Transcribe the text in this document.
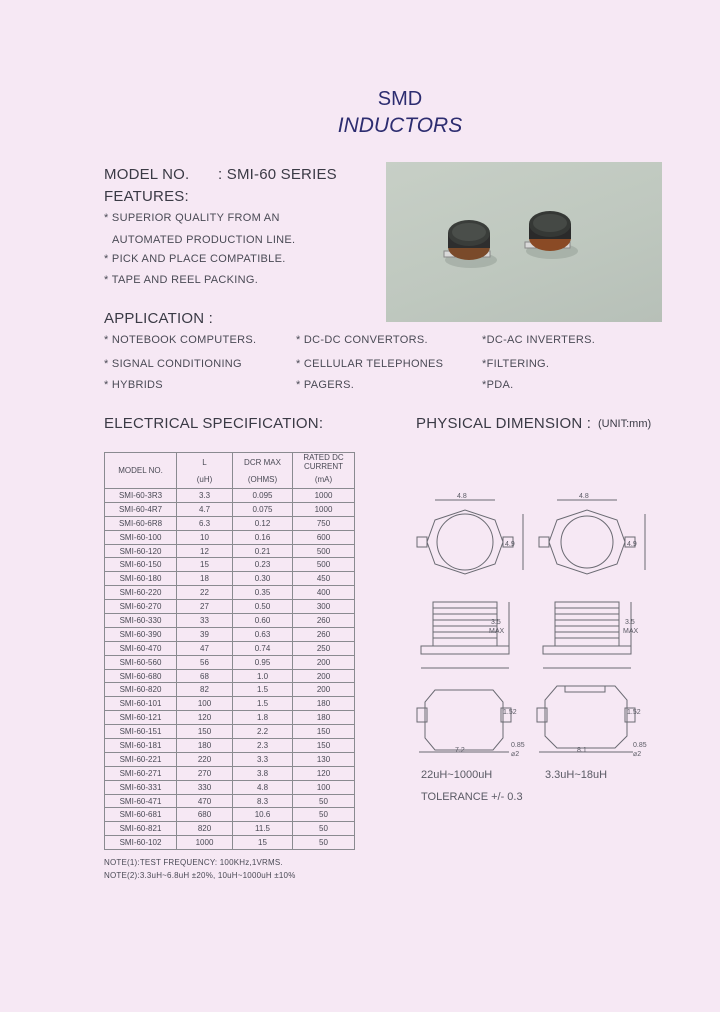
SMD
INDUCTORS
MODEL NO. : SMI-60 SERIES
FEATURES:
* SUPERIOR QUALITY FROM AN
AUTOMATED PRODUCTION LINE.
* PICK AND PLACE COMPATIBLE.
* TAPE AND REEL PACKING.
APPLICATION :
* NOTEBOOK COMPUTERS.
* SIGNAL CONDITIONING
* HYBRIDS
* DC-DC CONVERTORS.
* CELLULAR TELEPHONES
* PAGERS.
*DC-AC INVERTERS.
*FILTERING.
*PDA.
ELECTRICAL SPECIFICATION:	PHYSICAL DIMENSION : (UNIT:mm)
MODEL NO.	L	DCR MAX	RATED DC CURRENT
	(uH)	(OHMS)	(mA)
SMI-60-3R3	3.3	0.095	1000
SMI-60-4R7	4.7	0.075	1000
SMI-60-6R8	6.3	0.12	750
SMI-60-100	10	0.16	600
SMI-60-120	12	0.21	500
SMI-60-150	15	0.23	500
SMI-60-180	18	0.30	450
SMI-60-220	22	0.35	400
SMI-60-270	27	0.50	300
SMI-60-330	33	0.60	260
SMI-60-390	39	0.63	260
SMI-60-470	47	0.74	250
SMI-60-560	56	0.95	200
SMI-60-680	68	1.0	200
SMI-60-820	82	1.5	200
SMI-60-101	100	1.5	180
SMI-60-121	120	1.8	180
SMI-60-151	150	2.2	150
SMI-60-181	180	2.3	150
SMI-60-221	220	3.3	130
SMI-60-271	270	3.8	120
SMI-60-331	330	4.8	100
SMI-60-471	470	8.3	50
SMI-60-681	680	10.6	50
SMI-60-821	820	11.5	50
SMI-60-102	1000	15	50
NOTE(1):TEST FREQUENCY: 100KHz,1VRMS.
NOTE(2):3.3uH~6.8uH ±20%, 10uH~1000uH ±10%
4.8	4.8
4.9	4.9
3.5
MAX
3.5
MAX
1.52	1.52
7.2	8.1
0.85	0.85
⌀2	⌀2
22uH~1000uH	3.3uH~18uH
TOLERANCE +/- 0.3
